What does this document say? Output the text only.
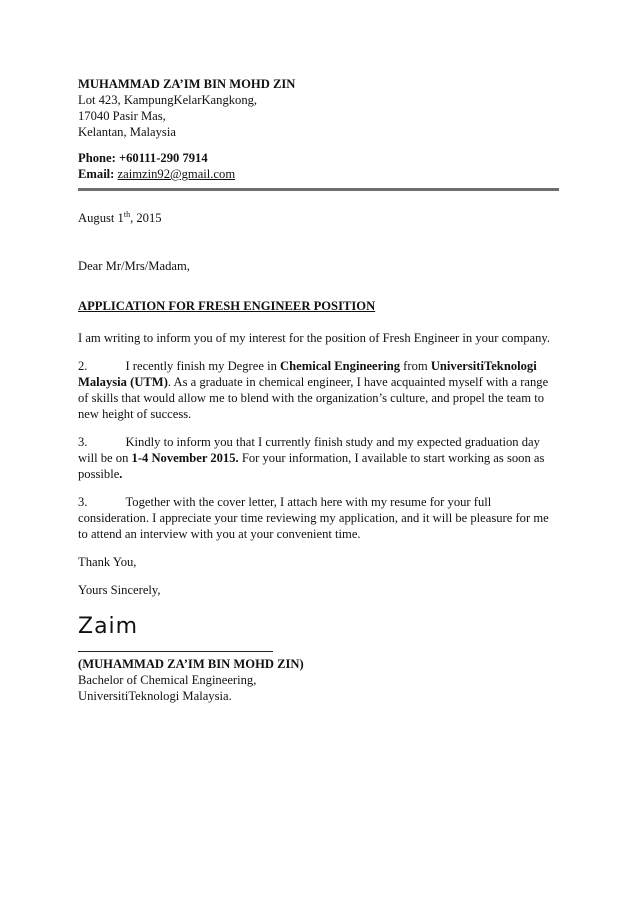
MUHAMMAD ZA’IM BIN MOHD ZIN
Lot 423, KampungKelarKangkong,
17040 Pasir Mas,
Kelantan, Malaysia
Phone: +60111-290 7914
Email: zaimzin92@gmail.com
August 1th, 2015
Dear Mr/Mrs/Madam,
APPLICATION FOR FRESH ENGINEER POSITION
I am writing to inform you of my interest for the position of Fresh Engineer in your company.
2.	I recently finish my Degree in Chemical Engineering from UniversitiTeknologi
Malaysia (UTM). As a graduate in chemical engineer, I have acquainted myself with a range
of skills that would allow me to blend with the organization’s culture, and propel the team to
new height of success.
3.	Kindly to inform you that I currently finish study and my expected graduation day
will be on 1-4 November 2015. For your information, I available to start working as soon as
possible.
3.	Together with the cover letter, I attach here with my resume for your full
consideration. I appreciate your time reviewing my application, and it will be pleasure for me
to attend an interview with you at your convenient time.
Thank You,
Yours Sincerely,
Zaim
(MUHAMMAD ZA’IM BIN MOHD ZIN)
Bachelor of Chemical Engineering,
UniversitiTeknologi Malaysia.
